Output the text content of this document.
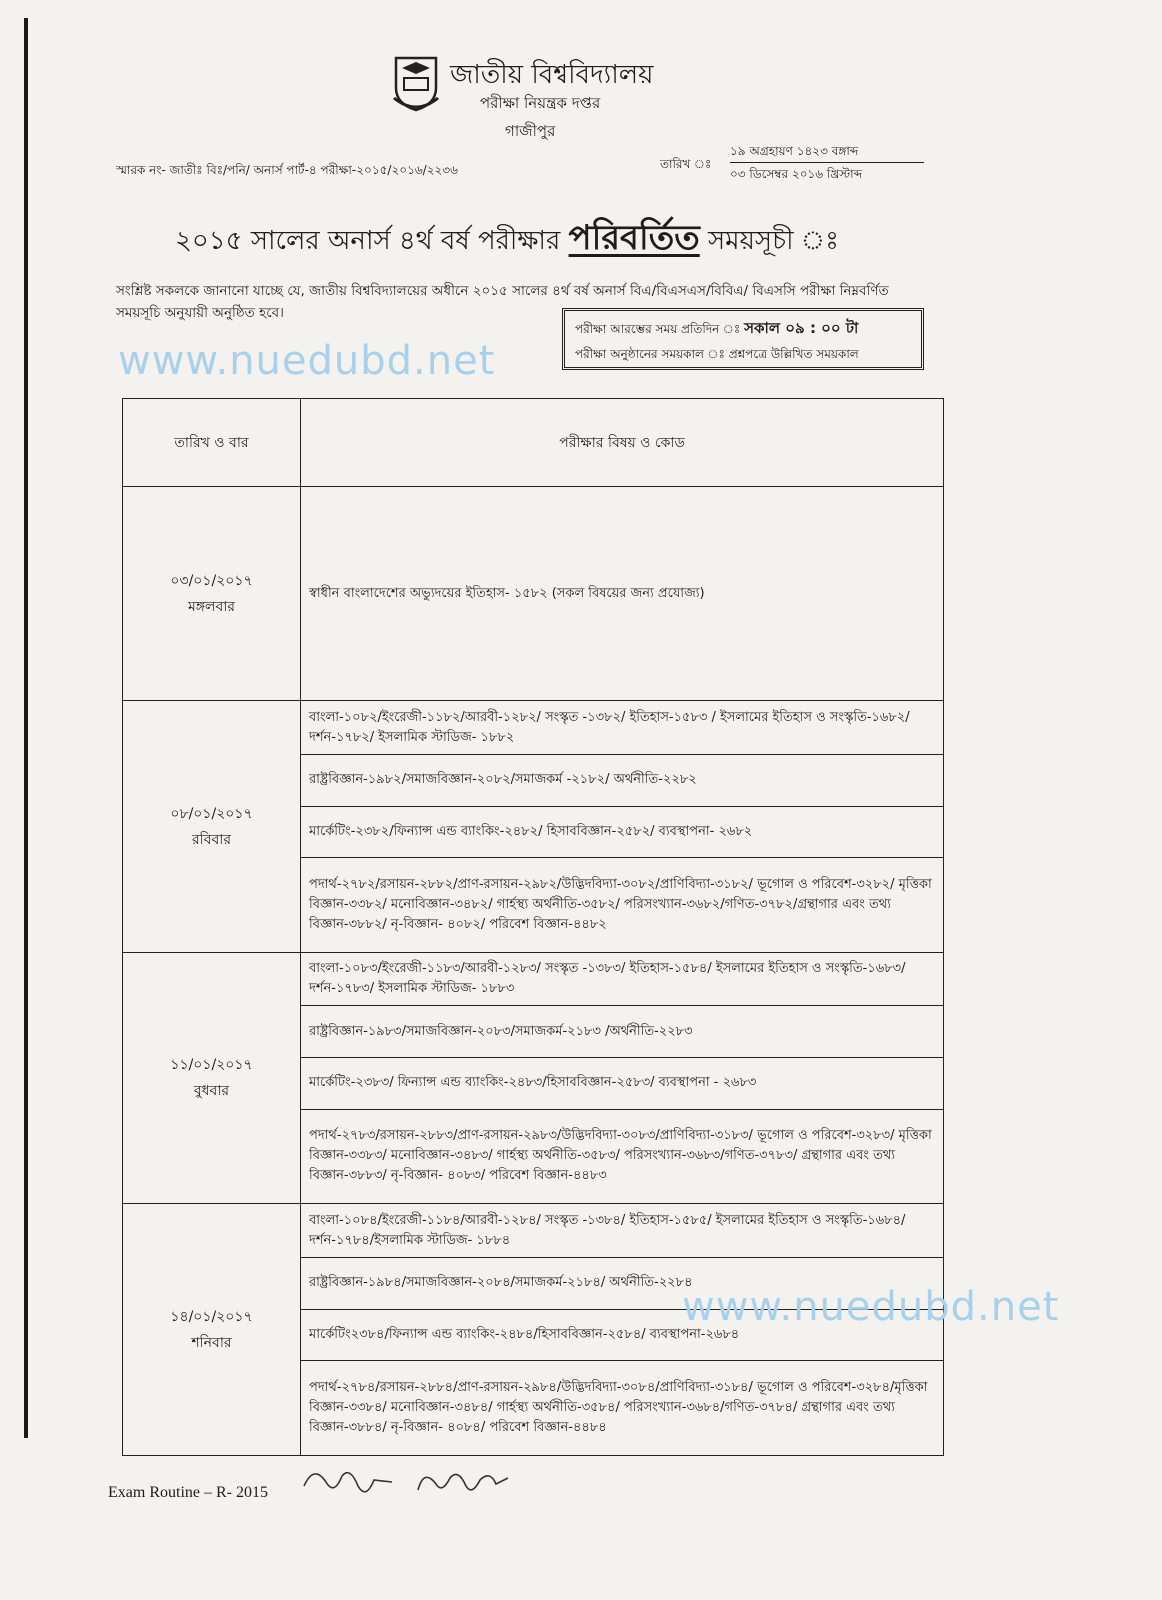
জাতীয় বিশ্ববিদ্যালয়
পরীক্ষা নিয়ন্ত্রক দপ্তর
গাজীপুর
স্মারক নং- জাতীঃ বিঃ/পনি/ অনার্স পার্ট-৪ পরীক্ষা-২০১৫/২০১৬/২২৩৬	তারিখ ঃ
১৯ অগ্রহায়ণ ১৪২৩ বঙ্গাব্দ
০৩ ডিসেম্বর ২০১৬ খ্রিস্টাব্দ
২০১৫ সালের অনার্স ৪র্থ বর্ষ পরীক্ষার পরিবর্তিত সময়সূচী ঃ
সংশ্লিষ্ট সকলকে জানানো যাচ্ছে যে, জাতীয় বিশ্ববিদ্যালয়ের অধীনে ২০১৫ সালের ৪র্থ বর্ষ অনার্স বিএ/বিএসএস/বিবিএ/ বিএসসি পরীক্ষা নিম্নবর্ণিত সময়সূচি অনুযায়ী অনুষ্ঠিত হবে।
পরীক্ষা আরম্ভের সময় প্রতিদিন ঃ সকাল ০৯ : ০০ টা
পরীক্ষা অনুষ্ঠানের সময়কাল ঃ প্রশ্নপত্রে উল্লিখিত সময়কাল
www.nuedubd.net
তারিখ ও বার	পরীক্ষার বিষয় ও কোড

০৩/০১/২০১৭
মঙ্গলবার	স্বাধীন বাংলাদেশের অভ্যুদয়ের ইতিহাস- ১৫৮২ (সকল বিষয়ের জন্য প্রযোজ্য)

০৮/০১/২০১৭
রবিবার	বাংলা-১০৮২/ইংরেজী-১১৮২/আরবী-১২৮২/ সংস্কৃত -১৩৮২/ ইতিহাস-১৫৮৩ / ইসলামের ইতিহাস ও সংস্কৃতি-১৬৮২/ দর্শন-১৭৮২/ ইসলামিক স্টাডিজ- ১৮৮২
	রাষ্ট্রবিজ্ঞান-১৯৮২/সমাজবিজ্ঞান-২০৮২/সমাজকর্ম -২১৮২/ অর্থনীতি-২২৮২
	মার্কেটিং-২৩৮২/ফিন্যান্স এন্ড ব্যাংকিং-২৪৮২/ হিসাববিজ্ঞান-২৫৮২/ ব্যবস্থাপনা- ২৬৮২
	পদার্থ-২৭৮২/রসায়ন-২৮৮২/প্রাণ-রসায়ন-২৯৮২/উদ্ভিদবিদ্যা-৩০৮২/প্রাণিবিদ্যা-৩১৮২/ ভূগোল ও পরিবেশ-৩২৮২/ মৃত্তিকা বিজ্ঞান-৩৩৮২/ মনোবিজ্ঞান-৩৪৮২/ গার্হস্থ্য অর্থনীতি-৩৫৮২/ পরিসংখ্যান-৩৬৮২/গণিত-৩৭৮২/গ্রন্থাগার এবং তথ্য বিজ্ঞান-৩৮৮২/ নৃ-বিজ্ঞান- ৪০৮২/ পরিবেশ বিজ্ঞান-৪৪৮২

১১/০১/২০১৭
বুধবার	বাংলা-১০৮৩/ইংরেজী-১১৮৩/আরবী-১২৮৩/ সংস্কৃত -১৩৮৩/ ইতিহাস-১৫৮৪/ ইসলামের ইতিহাস ও সংস্কৃতি-১৬৮৩/ দর্শন-১৭৮৩/ ইসলামিক স্টাডিজ- ১৮৮৩
	রাষ্ট্রবিজ্ঞান-১৯৮৩/সমাজবিজ্ঞান-২০৮৩/সমাজকর্ম-২১৮৩ /অর্থনীতি-২২৮৩
	মার্কেটিং-২৩৮৩/ ফিন্যান্স এন্ড ব্যাংকিং-২৪৮৩/হিসাববিজ্ঞান-২৫৮৩/ ব্যবস্থাপনা - ২৬৮৩
	পদার্থ-২৭৮৩/রসায়ন-২৮৮৩/প্রাণ-রসায়ন-২৯৮৩/উদ্ভিদবিদ্যা-৩০৮৩/প্রাণিবিদ্যা-৩১৮৩/ ভূগোল ও পরিবেশ-৩২৮৩/ মৃত্তিকা বিজ্ঞান-৩৩৮৩/ মনোবিজ্ঞান-৩৪৮৩/ গার্হস্থ্য অর্থনীতি-৩৫৮৩/ পরিসংখ্যান-৩৬৮৩/গণিত-৩৭৮৩/ গ্রন্থাগার এবং তথ্য বিজ্ঞান-৩৮৮৩/ নৃ-বিজ্ঞান- ৪০৮৩/ পরিবেশ বিজ্ঞান-৪৪৮৩

১৪/০১/২০১৭
শনিবার	বাংলা-১০৮৪/ইংরেজী-১১৮৪/আরবী-১২৮৪/ সংস্কৃত -১৩৮৪/ ইতিহাস-১৫৮৫/ ইসলামের ইতিহাস ও সংস্কৃতি-১৬৮৪/ দর্শন-১৭৮৪/ইসলামিক স্টাডিজ- ১৮৮৪
	রাষ্ট্রবিজ্ঞান-১৯৮৪/সমাজবিজ্ঞান-২০৮৪/সমাজকর্ম-২১৮৪/ অর্থনীতি-২২৮৪
	মার্কেটিং২৩৮৪/ফিন্যান্স এন্ড ব্যাংকিং-২৪৮৪/হিসাববিজ্ঞান-২৫৮৪/ ব্যবস্থাপনা-২৬৮৪
	পদার্থ-২৭৮৪/রসায়ন-২৮৮৪/প্রাণ-রসায়ন-২৯৮৪/উদ্ভিদবিদ্যা-৩০৮৪/প্রাণিবিদ্যা-৩১৮৪/ ভূগোল ও পরিবেশ-৩২৮৪/মৃত্তিকা বিজ্ঞান-৩৩৮৪/ মনোবিজ্ঞান-৩৪৮৪/ গার্হস্থ্য অর্থনীতি-৩৫৮৪/ পরিসংখ্যান-৩৬৮৪/গণিত-৩৭৮৪/ গ্রন্থাগার এবং তথ্য বিজ্ঞান-৩৮৮৪/ নৃ-বিজ্ঞান- ৪০৮৪/ পরিবেশ বিজ্ঞান-৪৪৮৪
www.nuedubd.net
Exam Routine – R- 2015
